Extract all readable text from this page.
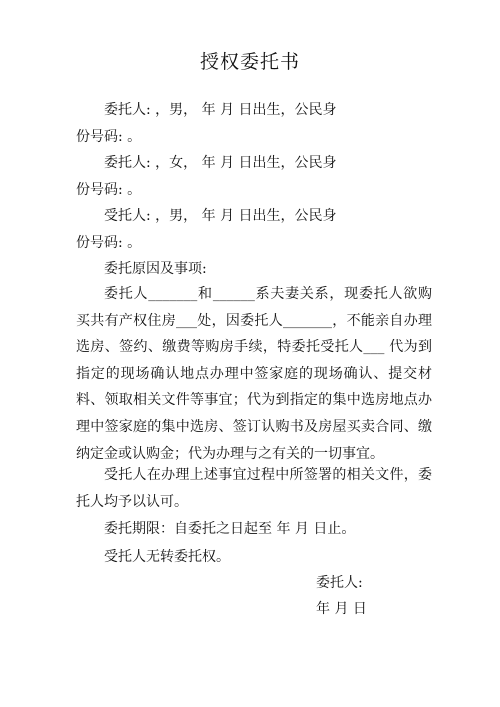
授权委托书
委托人: ，男， 年 月 日出生，公民身
份号码: 。
委托人: ，女， 年 月 日出生，公民身
份号码: 。
受托人: ，男， 年 月 日出生，公民身
份号码: 。
委托原因及事项:
委托人_______和______系夫妻关系，现委托人欲购买共有产权住房___处，因委托人_______，不能亲自办理选房、签约、缴费等购房手续，特委托受托人___ 代为到指定的现场确认地点办理中签家庭的现场确认、提交材料、领取相关文件等事宜；代为到指定的集中选房地点办理中签家庭的集中选房、签订认购书及房屋买卖合同、缴纳定金或认购金；代为办理与之有关的一切事宜。
受托人在办理上述事宜过程中所签署的相关文件，委托人均予以认可。
委托期限：自委托之日起至 年 月 日止。
受托人无转委托权。
委托人:
年 月 日
